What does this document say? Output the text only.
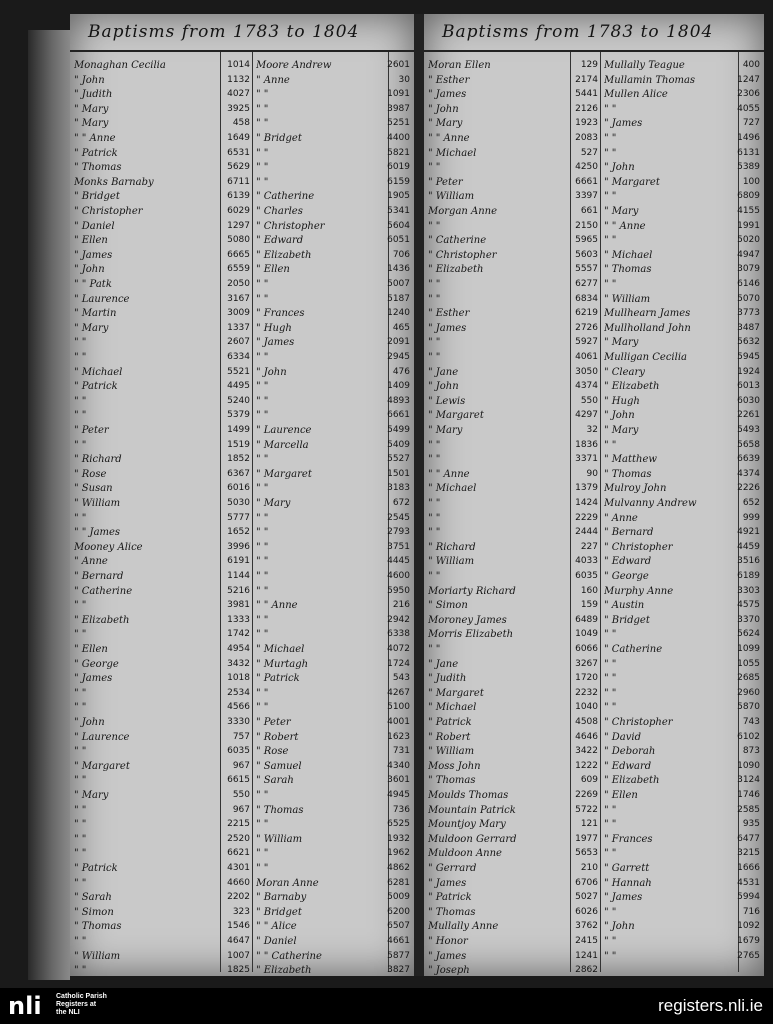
Baptisms from 1783 to 1804
Monaghan Cecilia	1014
" John	1132
" Judith	4027
" Mary	3925
" Mary	458
" " Anne	1649
" Patrick	6531
" Thomas	5629
Monks Barnaby	6711
" Bridget	6139
" Christopher	6029
" Daniel	1297
" Ellen	5080
" James	6665
" John	6559
" " Patk	2050
" Laurence	3167
" Martin	3009
" Mary	1337
" "	2607
" "	6334
" Michael	5521
" Patrick	4495
" "	5240
" "	5379
" Peter	1499
" "	1519
" Richard	1852
" Rose	6367
" Susan	6016
" William	5030
" "	5777
" " James	1652
Mooney Alice	3996
" Anne	6191
" Bernard	1144
" Catherine	5216
" "	3981
" Elizabeth	1333
" "	1742
" Ellen	4954
" George	3432
" James	1018
" "	2534
" "	4566
" John	3330
" Laurence	757
" "	6035
" Margaret	967
" "	6615
" Mary	550
" "	967
" "	2215
" "	2520
" "	6621
" Patrick	4301
" "	4660
" Sarah	2202
" Simon	323
" Thomas	1546
" "	4647
" William	1007
" "	1825
Moore Andrew	2601
" Anne	30
" "	1091
" "	3987
" "	5251
" Bridget	4400
" "	5821
" "	6019
" "	6159
" Catherine	1905
" Charles	5341
" Christopher	5604
" Edward	6051
" Elizabeth	706
" Ellen	1436
" "	5007
" "	5187
" Frances	1240
" Hugh	465
" James	2091
" "	2945
" John	476
" "	1409
" "	4893
" "	6661
" Laurence	5499
" Marcella	5409
" "	5527
" Margaret	1501
" "	3183
" Mary	672
" "	2545
" "	2793
" "	3751
" "	4445
" "	4600
" "	5950
" " Anne	216
" "	2942
" "	6338
" Michael	4072
" Murtagh	1724
" Patrick	543
" "	4267
" "	5100
" Peter	4001
" Robert	1623
" Rose	731
" Samuel	4340
" Sarah	3601
" "	4945
" Thomas	736
" "	6525
" William	1932
" "	1962
" "	4862
Moran Anne	6281
" Barnaby	5009
" Bridget	6200
" " Alice	6507
" Daniel	4661
" " Catherine	5877
" Elizabeth	3827
Baptisms from 1783 to 1804
Moran Ellen	129
" Esther	2174
" James	5441
" John	2126
" Mary	1923
" " Anne	2083
" Michael	527
" "	4250
" Peter	6661
" William	3397
Morgan Anne	661
" "	2150
" Catherine	5965
" Christopher	5603
" Elizabeth	5557
" "	6277
" "	6834
" Esther	6219
" James	2726
" "	5927
" "	4061
" Jane	3050
" John	4374
" Lewis	550
" Margaret	4297
" Mary	32
" "	1836
" "	3371
" " Anne	90
" Michael	1379
" "	1424
" "	2229
" "	2444
" Richard	227
" William	4033
" "	6035
Moriarty Richard	160
" Simon	159
Moroney James	6489
Morris Elizabeth	1049
" "	6066
" Jane	3267
" Judith	1720
" Margaret	2232
" Michael	1040
" Patrick	4508
" Robert	4646
" William	3422
Moss John	1222
" Thomas	609
Moulds Thomas	2269
Mountain Patrick	5722
Mountjoy Mary	121
Muldoon Gerrard	1977
Muldoon Anne	5653
" Gerrard	210
" James	6706
" Patrick	5027
" Thomas	6026
Mullally Anne	3762
" Honor	2415
" James	1241
" Joseph	2862
Mullally Teague	400
Mullamin Thomas	1247
Mullen Alice	2306
" "	4055
" James	727
" "	1496
" "	6131
" John	5389
" Margaret	100
" "	6809
" Mary	4155
" " Anne	1991
" "	5020
" Michael	4947
" Thomas	3079
" "	6146
" William	5070
Mullhearn James	3773
Mullholland John	3487
" Mary	5632
Mulligan Cecilia	5945
" Cleary	1924
" Elizabeth	6013
" Hugh	6030
" John	2261
" Mary	5493
" "	5658
" Matthew	6639
" Thomas	4374
Mulroy John	2226
Mulvanny Andrew	652
" Anne	999
" Bernard	4921
" Christopher	4459
" Edward	3516
" George	6189
Murphy Anne	3303
" Austin	4575
" Bridget	3370
" "	5624
" Catherine	1099
" "	1055
" "	2685
" "	2960
" "	5870
" Christopher	743
" David	6102
" Deborah	873
" Edward	1090
" Elizabeth	3124
" Ellen	1746
" "	2585
" "	935
" Frances	6477
" "	3215
" Garrett	1666
" Hannah	4531
" James	5994
" "	716
" John	1092
" "	1679
" "	2765
nli	Catholic Parish
Registers at
the NLI	registers.nli.ie
